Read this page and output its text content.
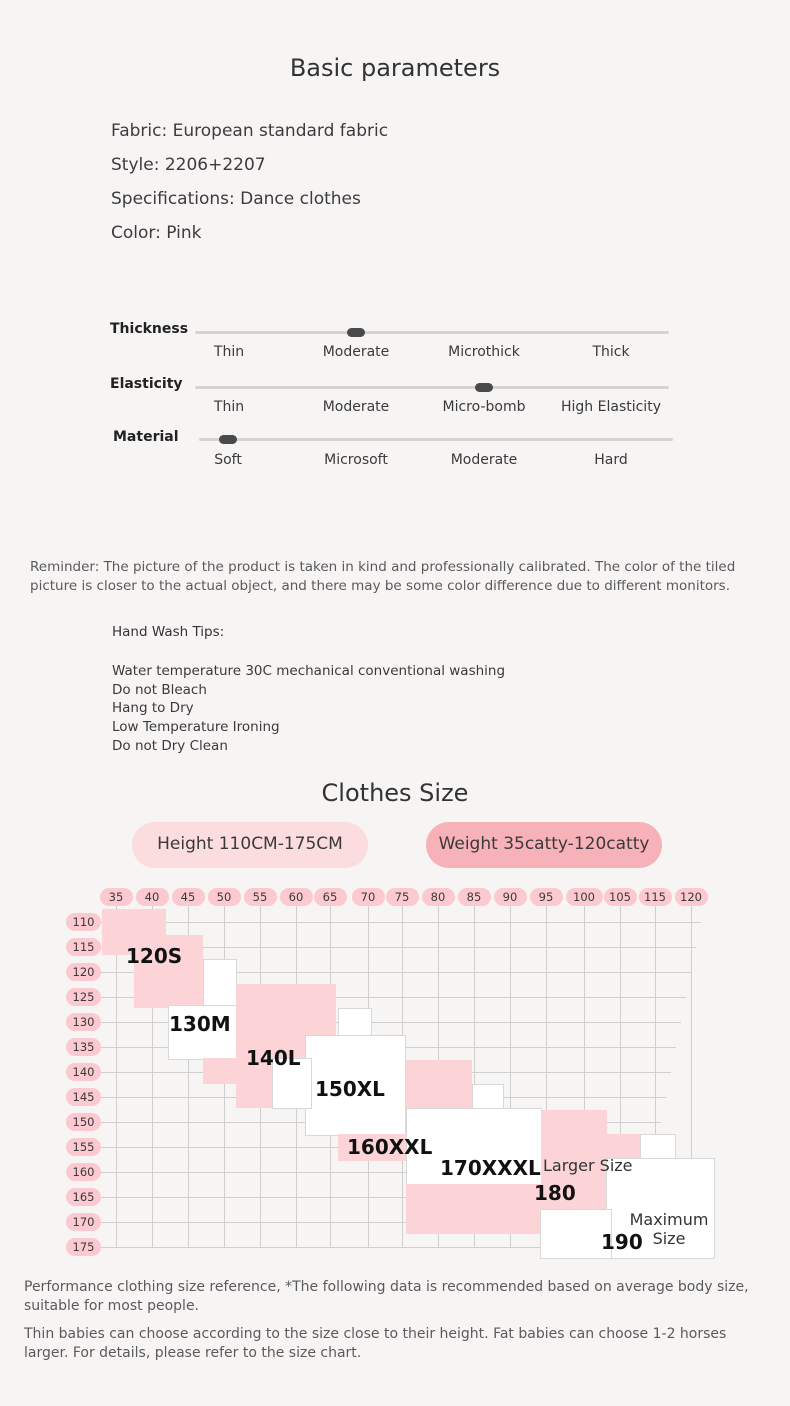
Basic parameters
Fabric: European standard fabric
Style: 2206+2207
Specifications: Dance clothes
Color: Pink
Thickness
Thin	Moderate	Microthick	Thick
Elasticity
Thin	Moderate	Micro-bomb	High Elasticity
Material
Soft	Microsoft	Moderate	Hard
Reminder: The picture of the product is taken in kind and professionally calibrated. The color of the tiled picture is closer to the actual object, and there may be some color difference due to different monitors.
Hand Wash Tips:
Water temperature 30C mechanical conventional washing
Do not Bleach
Hang to Dry
Low Temperature Ironing
Do not Dry Clean
Clothes Size
Height 110CM-175CM	Weight 35catty-120catty
120S
130M
140L
150XL
160XXL
170XXXL Larger Size
180
Maximum
Size
190
35	40	45	50	55	60	65	70	75	80	85	90	95	100	105	115	120
110
115
120
125
130
135
140
145
150
155
160
165
170
175
Performance clothing size reference, *The following data is recommended based on average body size, suitable for most people.
Thin babies can choose according to the size close to their height. Fat babies can choose 1-2 horses larger. For details, please refer to the size chart.
